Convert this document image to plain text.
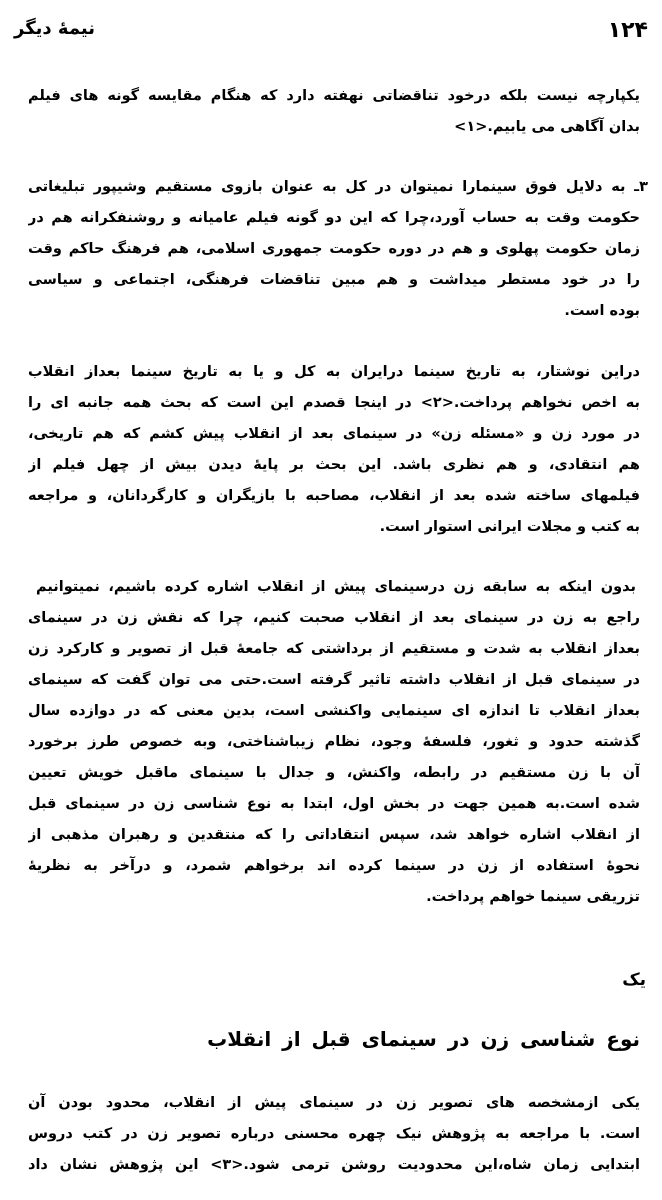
نیمهٔ دیگر	۱۲۴
یکپارچه نیست بلکه درخود تناقضاتی نهفته دارد که هنگام مقایسه گونه های فیلم
بدان آگاهی می یابیم.<۱>
۳ـ به دلایل فوق سینمارا نمیتوان در کل به عنوان بازوی مستقیم وشیپور تبلیغاتی
حکومت وقت به حساب آورد،چرا که این دو گونه فیلم عامیانه و روشنفکرانه هم در
زمان حکومت پهلوی و هم در دوره حکومت جمهوری اسلامی، هم فرهنگ حاکم وقت
را در خود مستطر میداشت و هم مبین تناقضات فرهنگی، اجتماعی و سیاسی
بوده است.
دراین نوشتار، به تاریخ سینما درایران به کل و یا به تاریخ سینما بعداز انقلاب
به اخص نخواهم پرداخت.<۲> در اینجا قصدم این است که بحث همه جانبه ای را
در مورد زن و «مسئله زن» در سینمای بعد از انقلاب پیش کشم که هم تاریخی،
هم انتقادی، و هم نظری باشد. این بحث بر پایهٔ دیدن بیش از چهل فیلم از
فیلمهای ساخته شده بعد از انقلاب، مصاحبه با بازیگران و کارگردانان، و مراجعه
به کتب و مجلات ایرانی استوار است.
بدون اینکه به سابقه زن درسینمای پیش از انقلاب اشاره کرده باشیم، نمیتوانیم
راجع به زن در سینمای بعد از انقلاب صحبت کنیم، چرا که نقش زن در سینمای
بعداز انقلاب به شدت و مستقیم از برداشتی که جامعهٔ قبل از تصویر و کارکرد زن
در سینمای قبل از انقلاب داشته تاثیر گرفته است.حتی می توان گفت که سینمای
بعداز انقلاب تا اندازه ای سینمایی واکنشی است، بدین معنی که در دوازده سال
گذشته حدود و ثغور، فلسفهٔ وجود، نظام زیباشناختی، وبه خصوص طرز برخورد
آن با زن مستقیم در رابطه، واکنش، و جدال با سینمای ماقبل خویش تعیین
شده است.به همین جهت در بخش اول، ابتدا به نوع شناسی زن در سینمای قبل
از انقلاب اشاره خواهد شد، سپس انتقاداتی را که منتقدین و رهبران مذهبی از
نحوهٔ استفاده از زن در سینما کرده اند برخواهم شمرد، و درآخر به نظریهٔ
تزریقی سینما خواهم پرداخت.
یک
نوع شناسی زن در سینمای قبل از انقلاب
یکی ازمشخصه های تصویر زن در سینمای پیش از انقلاب، محدود بودن آن
است. با مراجعه به پژوهش نیک چهره محسنی درباره تصویر زن در کتب دروس
ابتدایی زمان شاه،این محدودیت روشن ترمی شود.<۳> این پژوهش نشان داد
